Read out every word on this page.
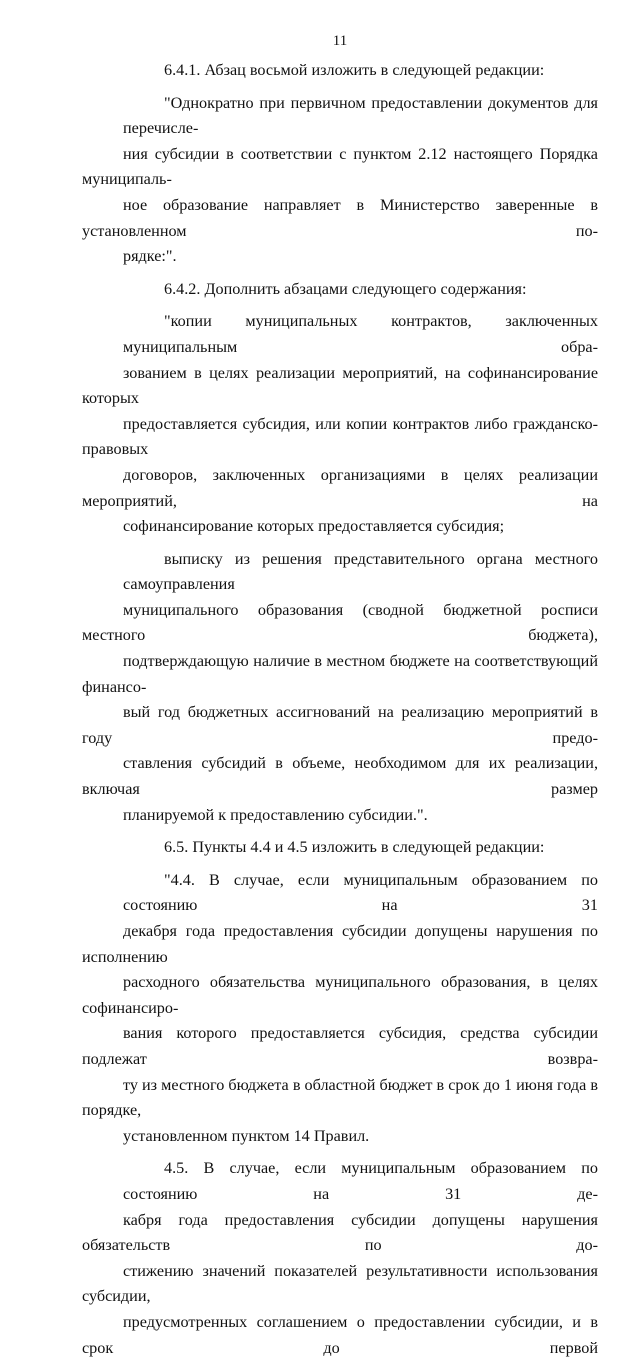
11

6.4.1. Абзац восьмой изложить в следующей редакции:

"Однократно при первичном предоставлении документов для перечисле-
ния субсидии в соответствии с пунктом 2.12 настоящего Порядка муниципаль-
ное образование направляет в Министерство заверенные в установленном по-
рядке:".

6.4.2. Дополнить абзацами следующего содержания:

"копии муниципальных контрактов, заключенных муниципальным обра-
зованием в целях реализации мероприятий, на софинансирование которых
предоставляется субсидия, или копии контрактов либо гражданско-правовых
договоров, заключенных организациями в целях реализации мероприятий, на
софинансирование которых предоставляется субсидия;

выписку из решения представительного органа местного самоуправления
муниципального образования (сводной бюджетной росписи местного бюджета),
подтверждающую наличие в местном бюджете на соответствующий финансо-
вый год бюджетных ассигнований на реализацию мероприятий в году предо-
ставления субсидий в объеме, необходимом для их реализации, включая размер
планируемой к предоставлению субсидии.".

6.5. Пункты 4.4 и 4.5 изложить в следующей редакции:

"4.4. В случае, если муниципальным образованием по состоянию на 31
декабря года предоставления субсидии допущены нарушения по исполнению
расходного обязательства муниципального образования, в целях софинансиро-
вания которого предоставляется субсидия, средства субсидии подлежат возвра-
ту из местного бюджета в областной бюджет в срок до 1 июня года в порядке,
установленном пунктом 14 Правил.

4.5. В случае, если муниципальным образованием по состоянию на 31 де-
кабря года предоставления субсидии допущены нарушения обязательств по до-
стижению значений показателей результативности использования субсидии,
предусмотренных соглашением о предоставлении субсидии, и в срок до первой
